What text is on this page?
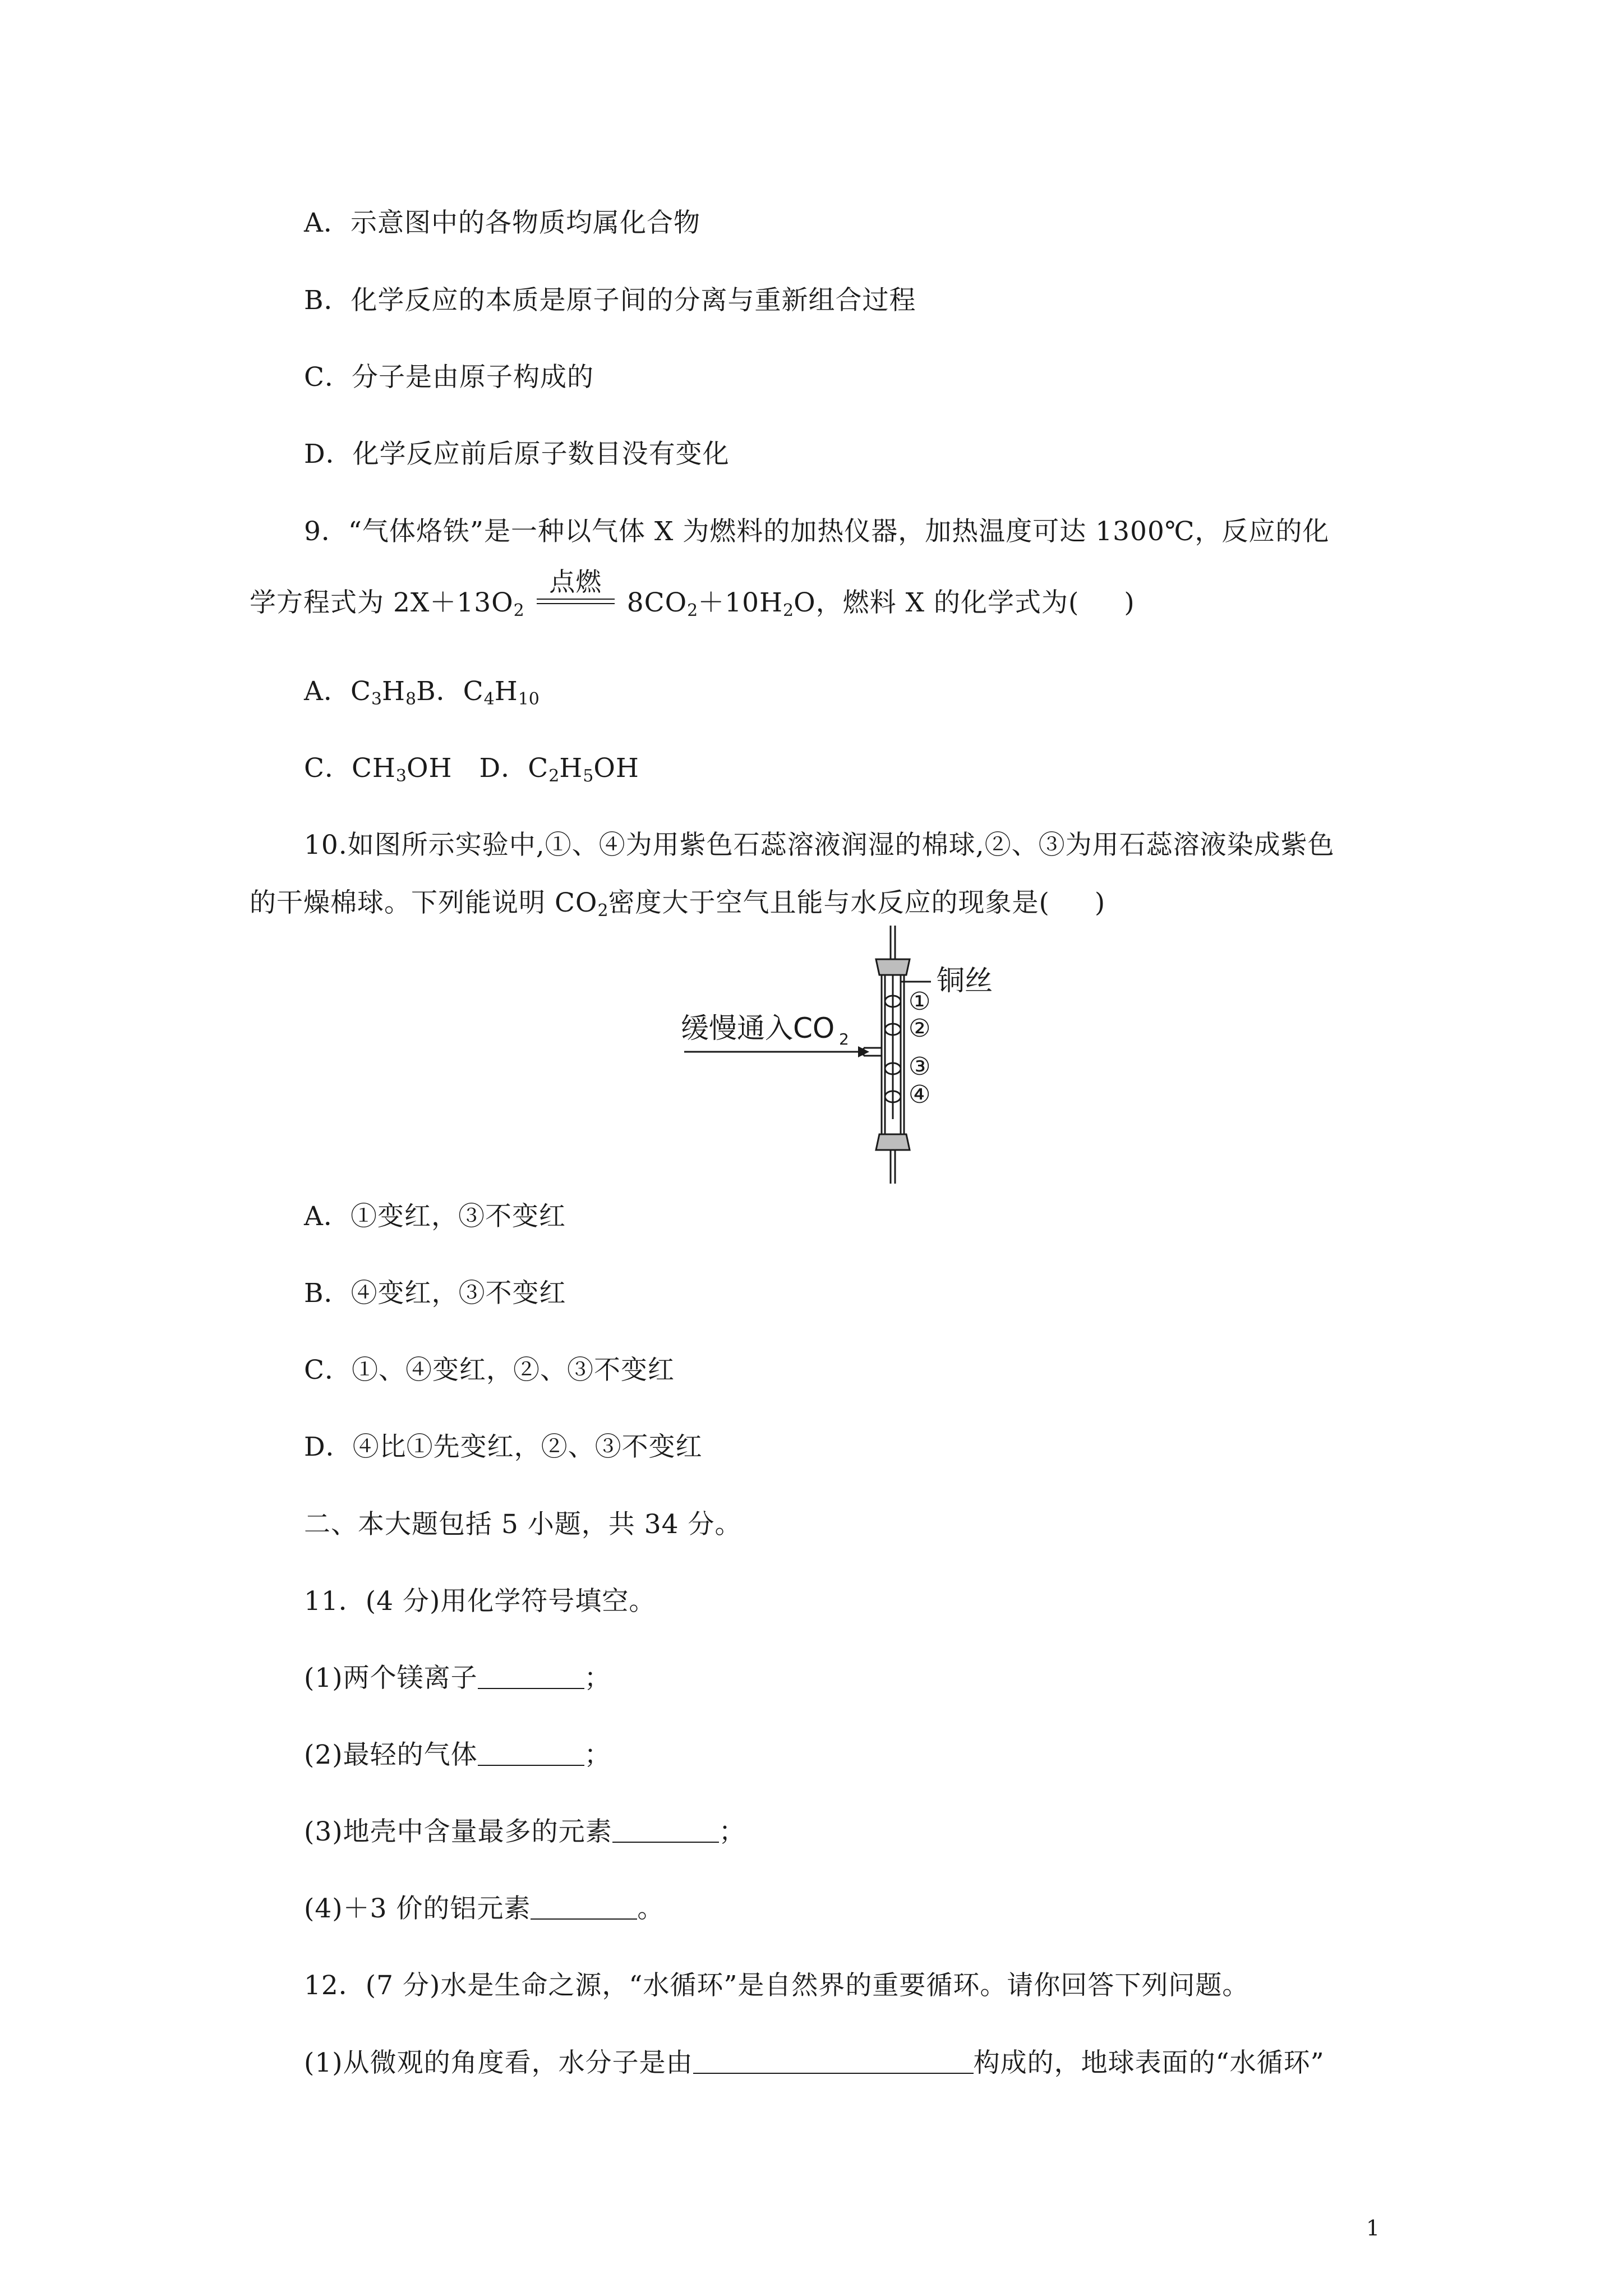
A．示意图中的各物质均属化合物
B．化学反应的本质是原子间的分离与重新组合过程
C．分子是由原子构成的
D．化学反应前后原子数目没有变化
9．“气体烙铁”是一种以气体 X 为燃料的加热仪器，加热温度可达 1300℃，反应的化
学方程式为 $2X+13O_2$
点燃
$8CO_2+10H_2O$，燃料 X 的化学式为( )
A．$C_3H_8B$．$C_4H_{10}$
C．$CH_3OH$　D．$C_2H_5OH$
10.如图所示实验中,①、④为用紫色石蕊溶液润湿的棉球,②、③为用石蕊溶液染成紫色
的干燥棉球。下列能说明 $CO_2$密度大于空气且能与水反应的现象是( )
缓慢通入CO 2
铜丝
①
②
③
④
A．①变红，③不变红
B．④变红，③不变红
C．①、④变红，②、③不变红
D．④比①先变红，②、③不变红
二、本大题包括 5 小题，共 34 分。
11．(4 分)用化学符号填空。
(1)两个镁离子	；
(2)最轻的气体	；
(3)地壳中含量最多的元素	；
(4)＋3 价的铝元素	。
12．(7 分)水是生命之源，“水循环”是自然界的重要循环。请你回答下列问题。
(1)从微观的角度看，水分子是由	构成的，地球表面的“水循环”
1
